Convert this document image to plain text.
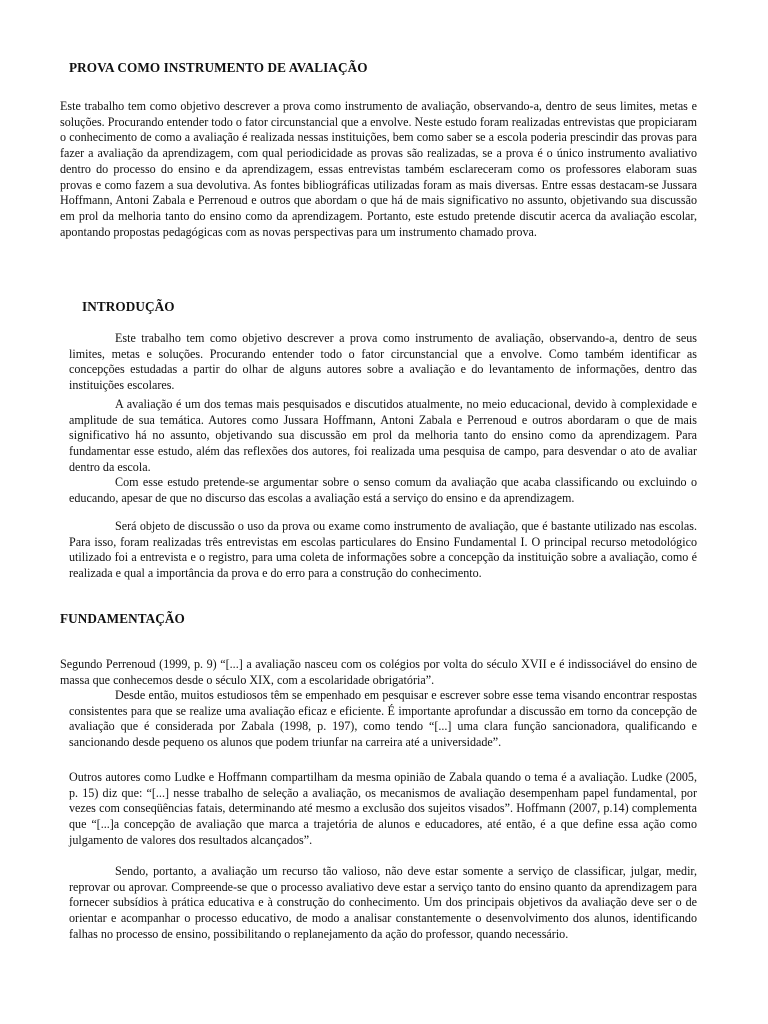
PROVA COMO INSTRUMENTO DE AVALIAÇÃO

Este trabalho tem como objetivo descrever a prova como instrumento de avaliação, observando-a, dentro de seus limites, metas e soluções. Procurando entender todo o fator circunstancial que a envolve. Neste estudo foram realizadas entrevistas que propiciaram o conhecimento de como a avaliação é realizada nessas instituições, bem como saber se a escola poderia prescindir das provas para fazer a avaliação da aprendizagem, com qual periodicidade as provas são realizadas, se a prova é o único instrumento avaliativo dentro do processo do ensino e da aprendizagem, essas entrevistas também esclareceram como os professores elaboram suas provas e como fazem a sua devolutiva. As fontes bibliográficas utilizadas foram as mais diversas. Entre essas destacam-se Jussara Hoffmann, Antoni Zabala e Perrenoud e outros que abordam o que há de mais significativo no assunto, objetivando sua discussão em prol da melhoria tanto do ensino como da aprendizagem. Portanto, este estudo pretende discutir acerca da avaliação escolar, apontando propostas pedagógicas com as novas perspectivas para um instrumento chamado prova.

INTRODUÇÃO

Este trabalho tem como objetivo descrever a prova como instrumento de avaliação, observando-a, dentro de seus limites, metas e soluções. Procurando entender todo o fator circunstancial que a envolve. Como também identificar as concepções estudadas a partir do olhar de alguns autores sobre a avaliação e do levantamento de informações, dentro das instituições escolares.

A avaliação é um dos temas mais pesquisados e discutidos atualmente, no meio educacional, devido à complexidade e amplitude de sua temática. Autores como Jussara Hoffmann, Antoni Zabala e Perrenoud e outros abordaram o que de mais significativo há no assunto, objetivando sua discussão em prol da melhoria tanto do ensino como da aprendizagem. Para fundamentar esse estudo, além das reflexões dos autores, foi realizada uma pesquisa de campo, para desvendar o ato de avaliar dentro da escola.

Com esse estudo pretende-se argumentar sobre o senso comum da avaliação que acaba classificando ou excluindo o educando, apesar de que no discurso das escolas a avaliação está a serviço do ensino e da aprendizagem.

Será objeto de discussão o uso da prova ou exame como instrumento de avaliação, que é bastante utilizado nas escolas. Para isso, foram realizadas três entrevistas em escolas particulares do Ensino Fundamental I. O principal recurso metodológico utilizado foi a entrevista e o registro, para uma coleta de informações sobre a concepção da instituição sobre a avaliação, como é realizada e qual a importância da prova e do erro para a construção do conhecimento.

FUNDAMENTAÇÃO

Segundo Perrenoud (1999, p. 9) “[...] a avaliação nasceu com os colégios por volta do século XVII e é indissociável do ensino de massa que conhecemos desde o século XIX, com a escolaridade obrigatória”.

Desde então, muitos estudiosos têm se empenhado em pesquisar e escrever sobre esse tema visando encontrar respostas consistentes para que se realize uma avaliação eficaz e eficiente. É importante aprofundar a discussão em torno da concepção de avaliação que é considerada por Zabala (1998, p. 197), como tendo “[...] uma clara função sancionadora, qualificando e sancionando desde pequeno os alunos que podem triunfar na carreira até a universidade”.

Outros autores como Ludke e Hoffmann compartilham da mesma opinião de Zabala quando o tema é a avaliação. Ludke (2005, p. 15) diz que: “[...] nesse trabalho de seleção a avaliação, os mecanismos de avaliação desempenham papel fundamental, por vezes com conseqüências fatais, determinando até mesmo a exclusão dos sujeitos visados”. Hoffmann (2007, p.14) complementa que “[...]a concepção de avaliação que marca a trajetória de alunos e educadores, até então, é a que define essa ação como julgamento de valores dos resultados alcançados”.

Sendo, portanto, a avaliação um recurso tão valioso, não deve estar somente a serviço de classificar, julgar, medir, reprovar ou aprovar. Compreende-se que o processo avaliativo deve estar a serviço tanto do ensino quanto da aprendizagem para fornecer subsídios à prática educativa e à construção do conhecimento. Um dos principais objetivos da avaliação deve ser o de orientar e acompanhar o processo educativo, de modo a analisar constantemente o desenvolvimento dos alunos, identificando falhas no processo de ensino, possibilitando o replanejamento da ação do professor, quando necessário.
